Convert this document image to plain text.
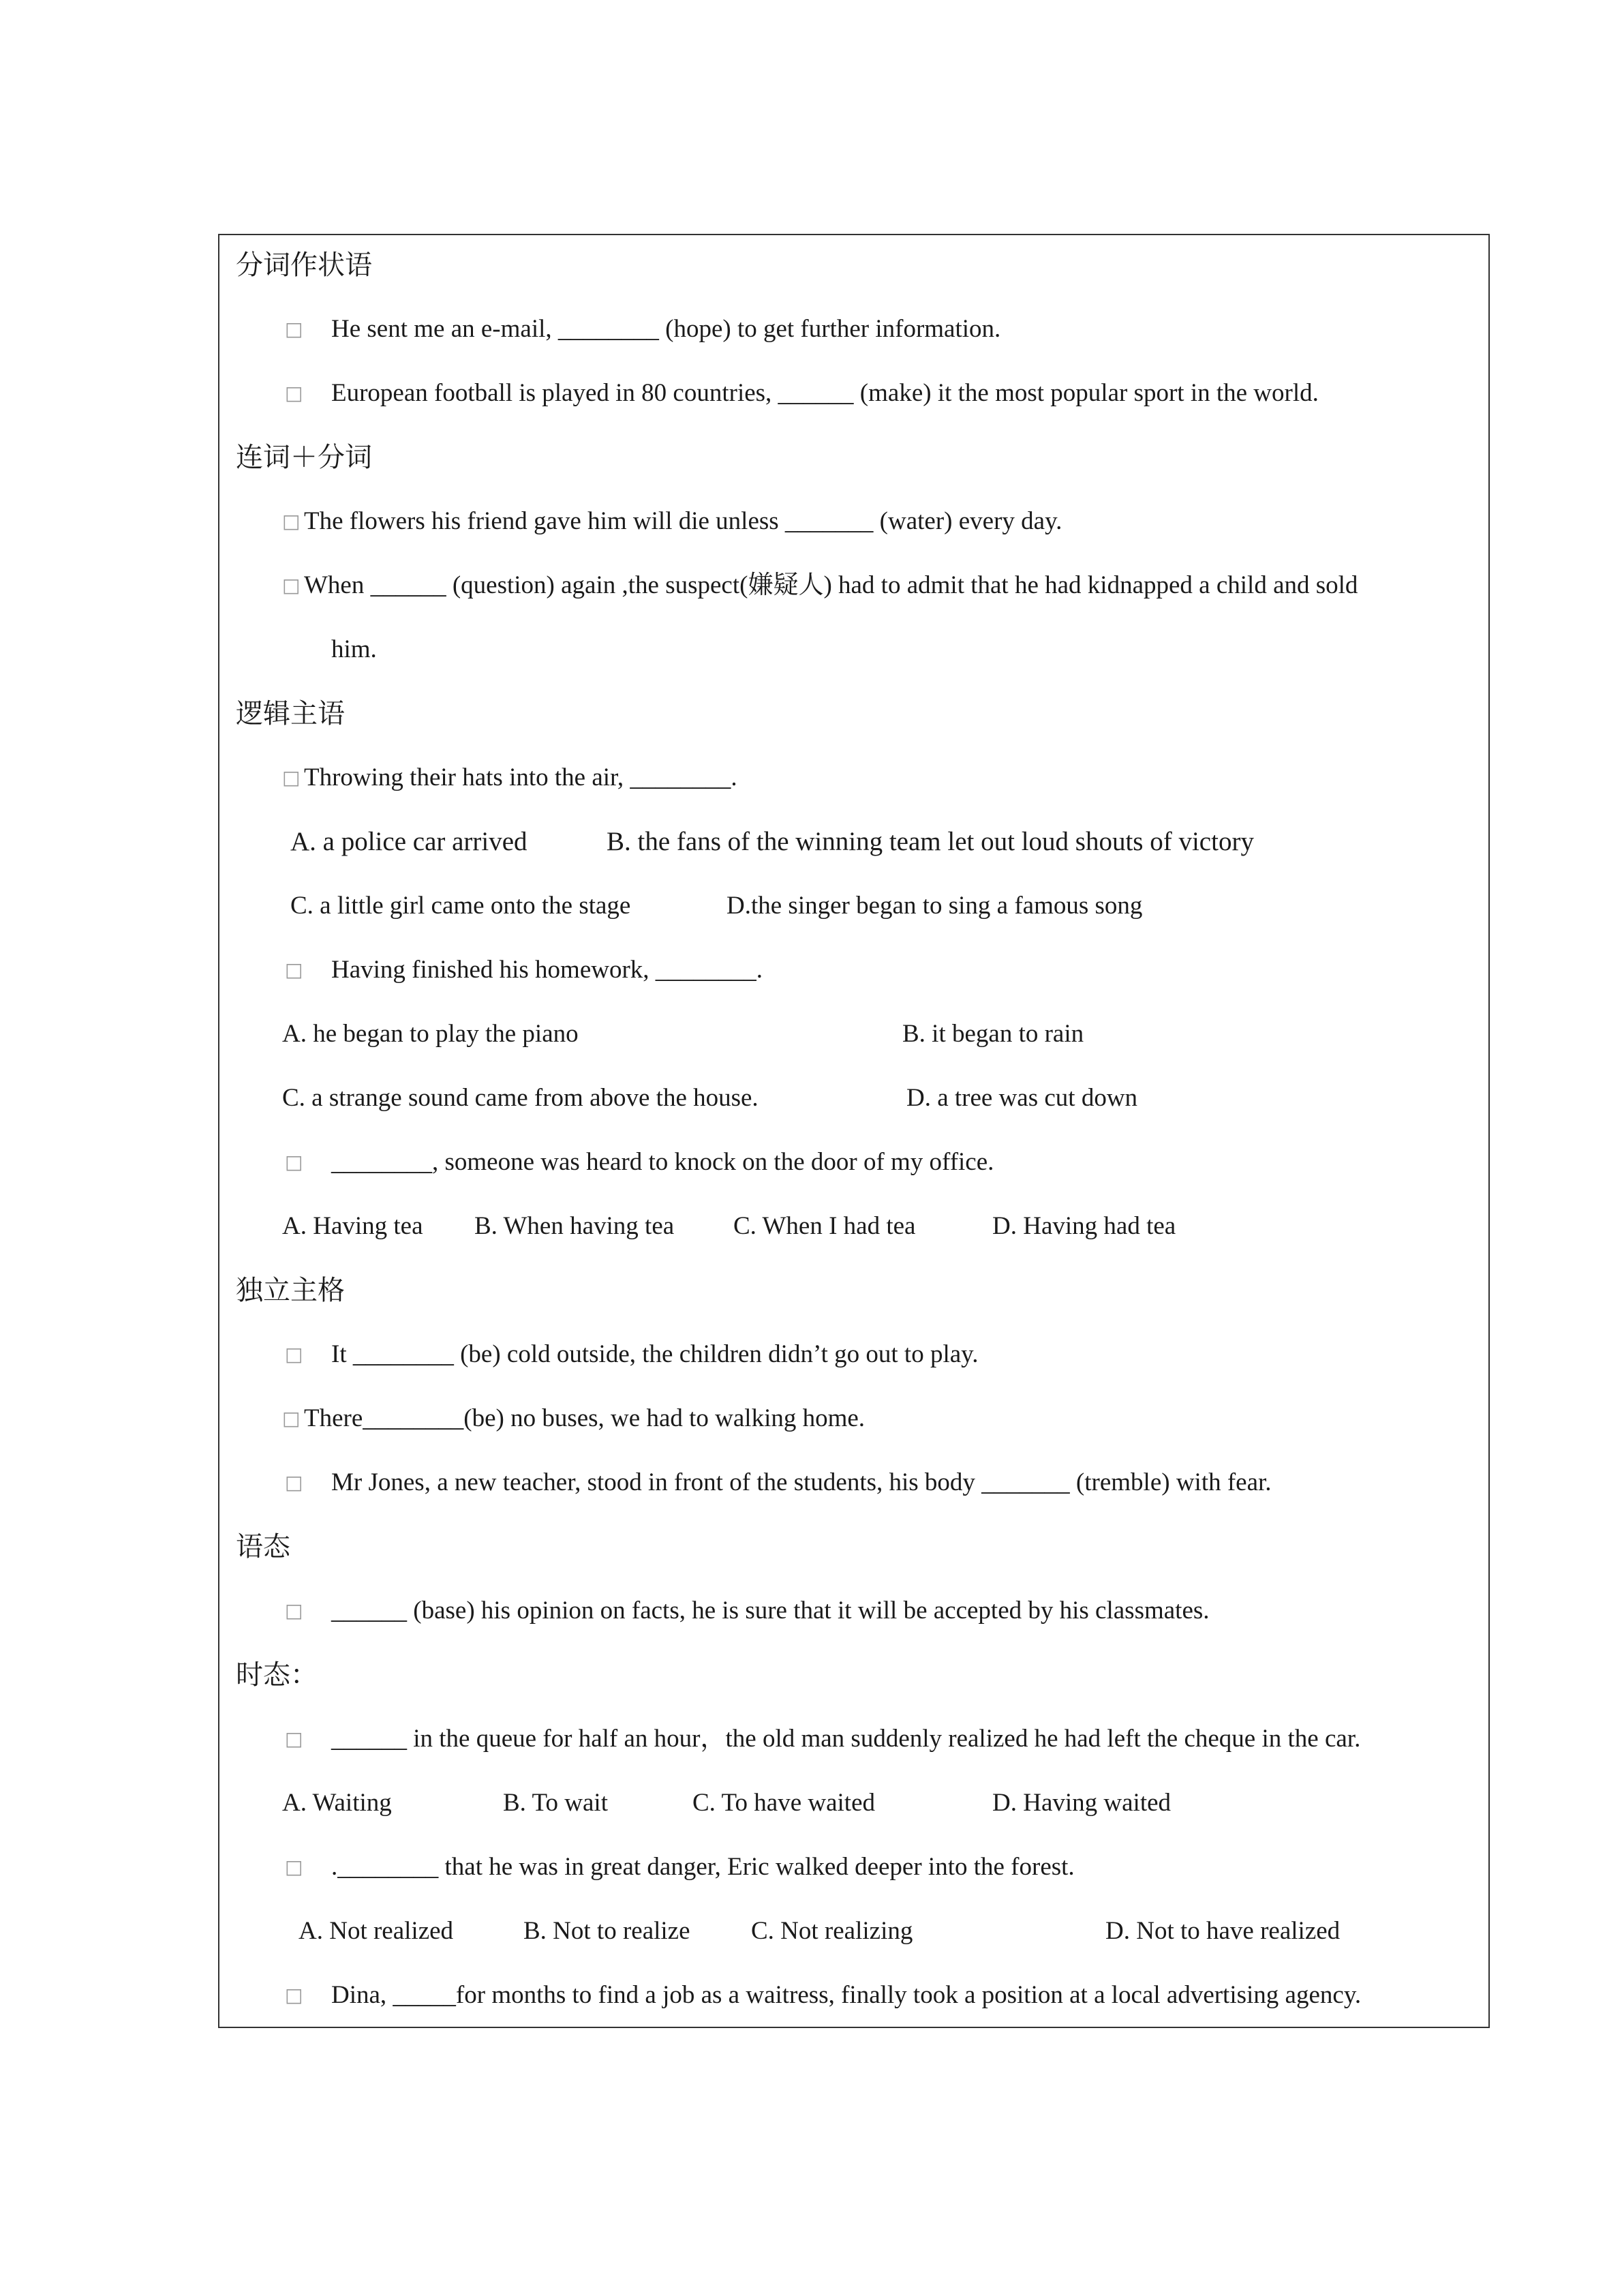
分词作状语
□ He sent me an e-mail, ________ (hope) to get further information.
□ European football is played in 80 countries, ______ (make) it the most popular sport in the world.
连词＋分词
□ The flowers his friend gave him will die unless _______ (water) every day.
□ When ______ (question) again ,the suspect(嫌疑人) had to admit that he had kidnapped a child and sold
him.
逻辑主语
□ Throwing their hats into the air, ________.
A. a police car arrived	B. the fans of the winning team let out loud shouts of victory
C. a little girl came onto the stage	D.the singer began to sing a famous song
□ Having finished his homework, ________.
A. he began to play the piano	B. it began to rain
C. a strange sound came from above the house.	D. a tree was cut down
□ ________, someone was heard to knock on the door of my office.
A. Having tea B. When having tea C. When I had tea	D. Having had tea
独立主格
□ It ________ (be) cold outside, the children didn’t go out to play.
□ There________(be) no buses, we had to walking home.
□ Mr Jones, a new teacher, stood in front of the students, his body _______ (tremble) with fear.
语态
□ ______ (base) his opinion on facts, he is sure that it will be accepted by his classmates.
时态：
□ ______ in the queue for half an hour，the old man suddenly realized he had left the cheque in the car.
A. Waiting	B. To wait	C. To have waited	D. Having waited
□ .________ that he was in great danger, Eric walked deeper into the forest.
A. Not realized	B. Not to realize C. Not realizing	D. Not to have realized
□ Dina, _____for months to find a job as a waitress, finally took a position at a local advertising agency.
